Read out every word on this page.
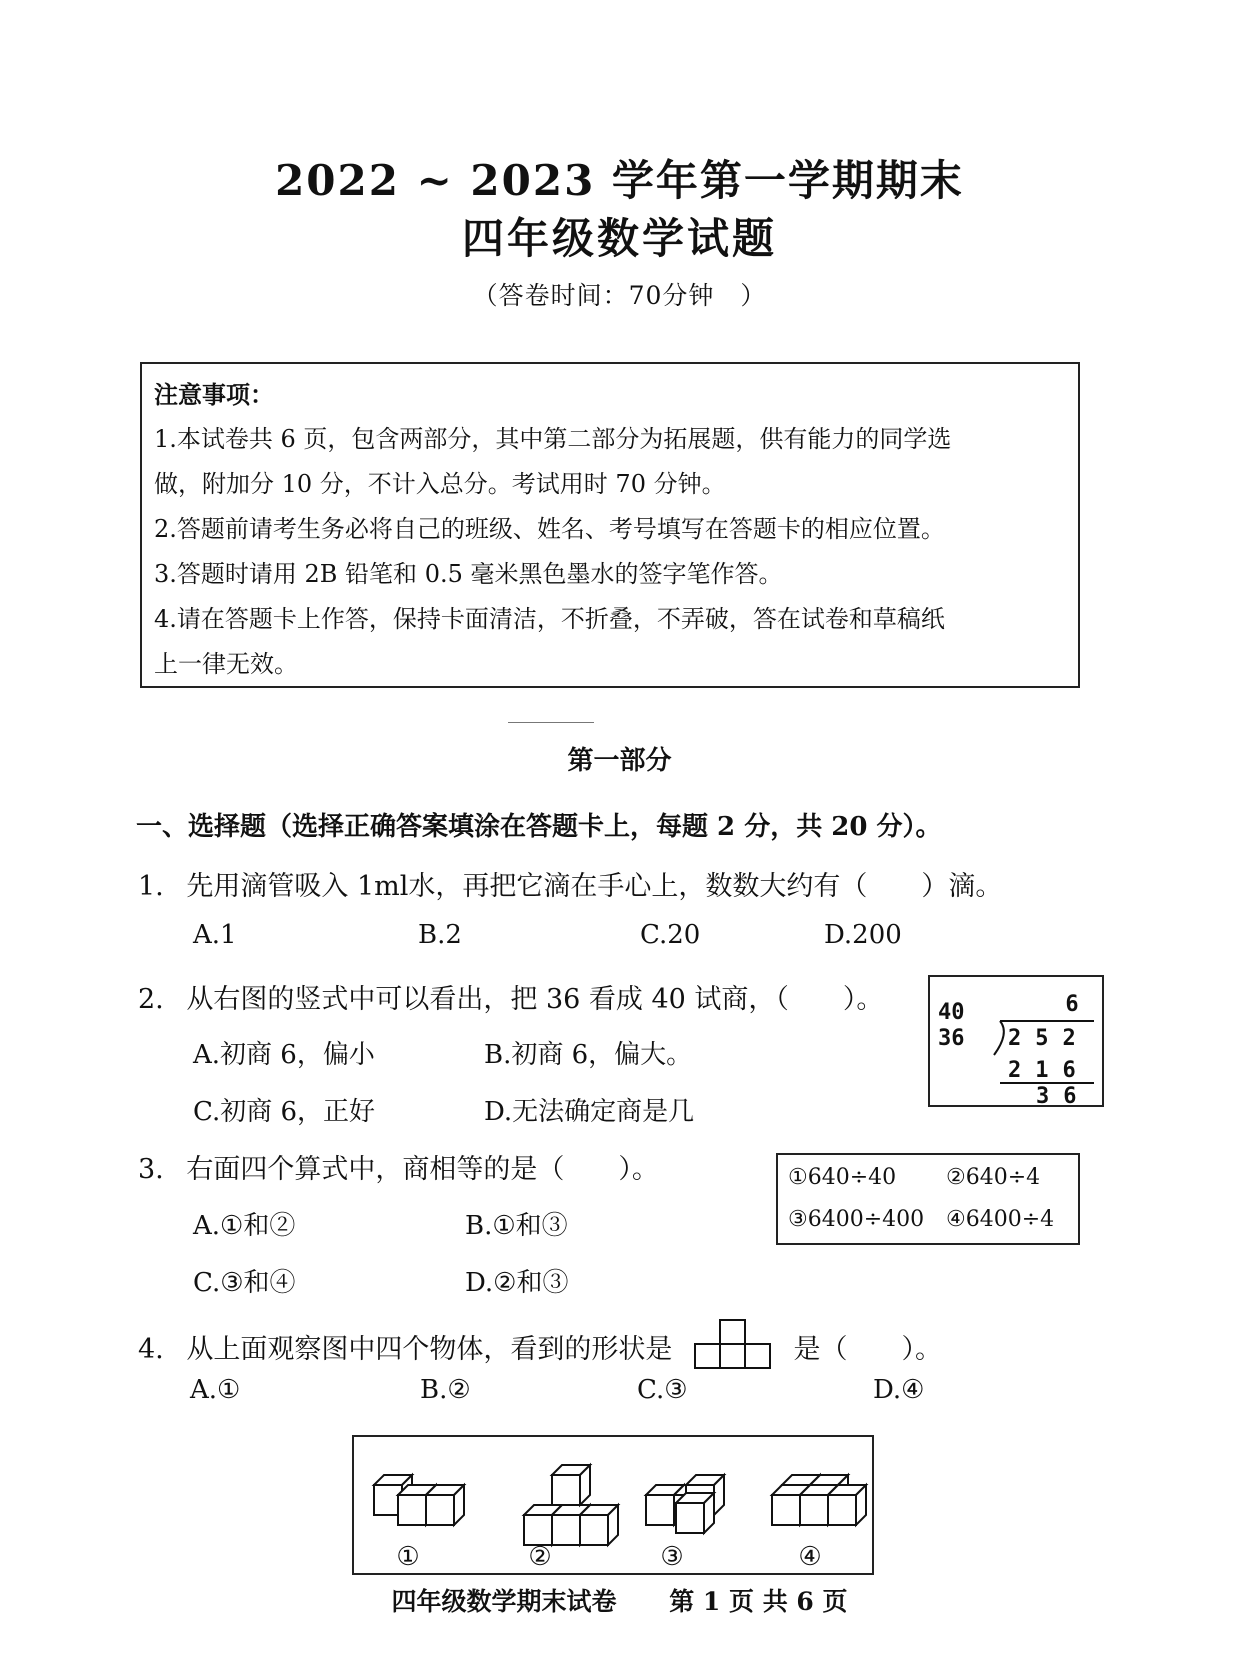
2022 ~ 2023 学年第一学期期末
四年级数学试题
（答卷时间：70分钟　）
注意事项：
1.本试卷共 6 页，包含两部分，其中第二部分为拓展题，供有能力的同学选
做，附加分 10 分，不计入总分。考试用时 70 分钟。
2.答题前请考生务必将自己的班级、姓名、考号填写在答题卡的相应位置。
3.答题时请用 2B 铅笔和 0.5 毫米黑色墨水的签字笔作答。
4.请在答题卡上作答，保持卡面清洁，不折叠，不弄破，答在试卷和草稿纸
上一律无效。
第一部分
一、选择题（选择正确答案填涂在答题卡上，每题 2 分，共 20 分）。
1. 先用滴管吸入 1ml水，再把它滴在手心上，数数大约有（　　）滴。
A.1	B.2	C.20	D.200
2. 从右图的竖式中可以看出，把 36 看成 40 试商，（　　）。
A.初商 6，偏小	B.初商 6，偏大。
C.初商 6，正好	D.无法确定商是几
6
40
36 252
216
36
3. 右面四个算式中，商相等的是（　　）。
A.①和②	B.①和③
C.③和④	D.②和③
①640÷40 ②640÷4
③6400÷400 ④6400÷4
4. 从上面观察图中四个物体，看到的形状是	是（　　）。
A.①	B.②	C.③	D.④
①	②	③	④
四年级数学期末试卷 第 1 页 共 6 页
